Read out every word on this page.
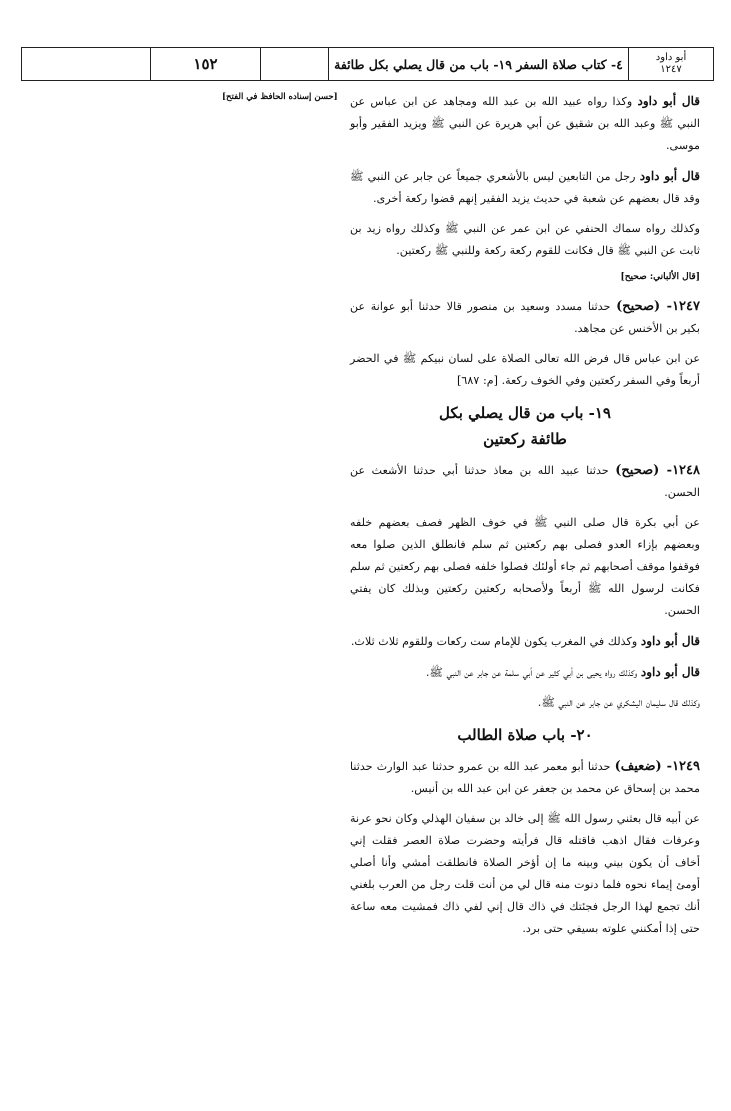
أبو داود
١٢٤٧
٤- كتاب صلاة السفر ١٩- باب من قال يصلي بكل طائفة
١٥٢
[حسن إسناده الحافظ في الفتح]	قال أبو داود وكذا رواه عبيد الله بن عبد الله ومجاهد عن ابن عباس عن النبي ﷺ وعبد الله بن شقيق عن أبي هريرة عن النبي ﷺ ويزيد الفقير وأبو موسى.

قال أبو داود رجل من التابعين ليس بالأشعري جميعاً عن جابر عن النبي ﷺ وقد قال بعضهم عن شعبة في حديث يزيد الفقير إنهم قضوا ركعة أخرى.

وكذلك رواه سماك الحنفي عن ابن عمر عن النبي ﷺ وكذلك رواه زيد بن ثابت عن النبي ﷺ قال فكانت للقوم ركعة ركعة وللنبي ﷺ ركعتين.

[قال الألباني: صحيح]

١٢٤٧- (صحيح) حدثنا مسدد وسعيد بن منصور قالا حدثنا أبو عوانة عن بكير بن الأخنس عن مجاهد.

عن ابن عباس قال فرض الله تعالى الصلاة على لسان نبيكم ﷺ في الحضر أربعاً وفي السفر ركعتين وفي الخوف ركعة. [م: ٦٨٧]

١٩- باب من قال يصلي بكل
طائفة ركعتين

١٢٤٨- (صحيح) حدثنا عبيد الله بن معاذ حدثنا أبي حدثنا الأشعث عن الحسن.

عن أبي بكرة قال صلى النبي ﷺ في خوف الظهر فصف بعضهم خلفه وبعضهم بإزاء العدو فصلى بهم ركعتين ثم سلم فانطلق الذين صلوا معه فوقفوا موقف أصحابهم ثم جاء أولئك فصلوا خلفه فصلى بهم ركعتين ثم سلم فكانت لرسول الله ﷺ أربعاً ولأصحابه ركعتين ركعتين وبذلك كان يفتي الحسن.

قال أبو داود وكذلك في المغرب يكون للإمام ست ركعات وللقوم ثلاث ثلاث.

قال أبو داود وكذلك رواه يحيى بن أبي كثير عن أبي سلمة عن جابر عن النبي ﷺ.

وكذلك قال سليمان اليشكري عن جابر عن النبي ﷺ.

٢٠- باب صلاة الطالب

١٢٤٩- (ضعيف) حدثنا أبو معمر عبد الله بن عمرو حدثنا عبد الوارث حدثنا محمد بن إسحاق عن محمد بن جعفر عن ابن عبد الله بن أنيس.

عن أبيه قال بعثني رسول الله ﷺ إلى خالد بن سفيان الهذلي وكان نحو عرنة وعرفات فقال اذهب فاقتله قال فرأيته وحضرت صلاة العصر فقلت إني أخاف أن يكون بيني وبينه ما إن أؤخر الصلاة فانطلقت أمشي وأنا أصلي أومئ إيماء نحوه فلما دنوت منه قال لي من أنت قلت رجل من العرب بلغني أنك تجمع لهذا الرجل فجئتك في ذاك قال إني لفي ذاك فمشيت معه ساعة حتى إذا أمكنني علوته بسيفي حتى برد.
